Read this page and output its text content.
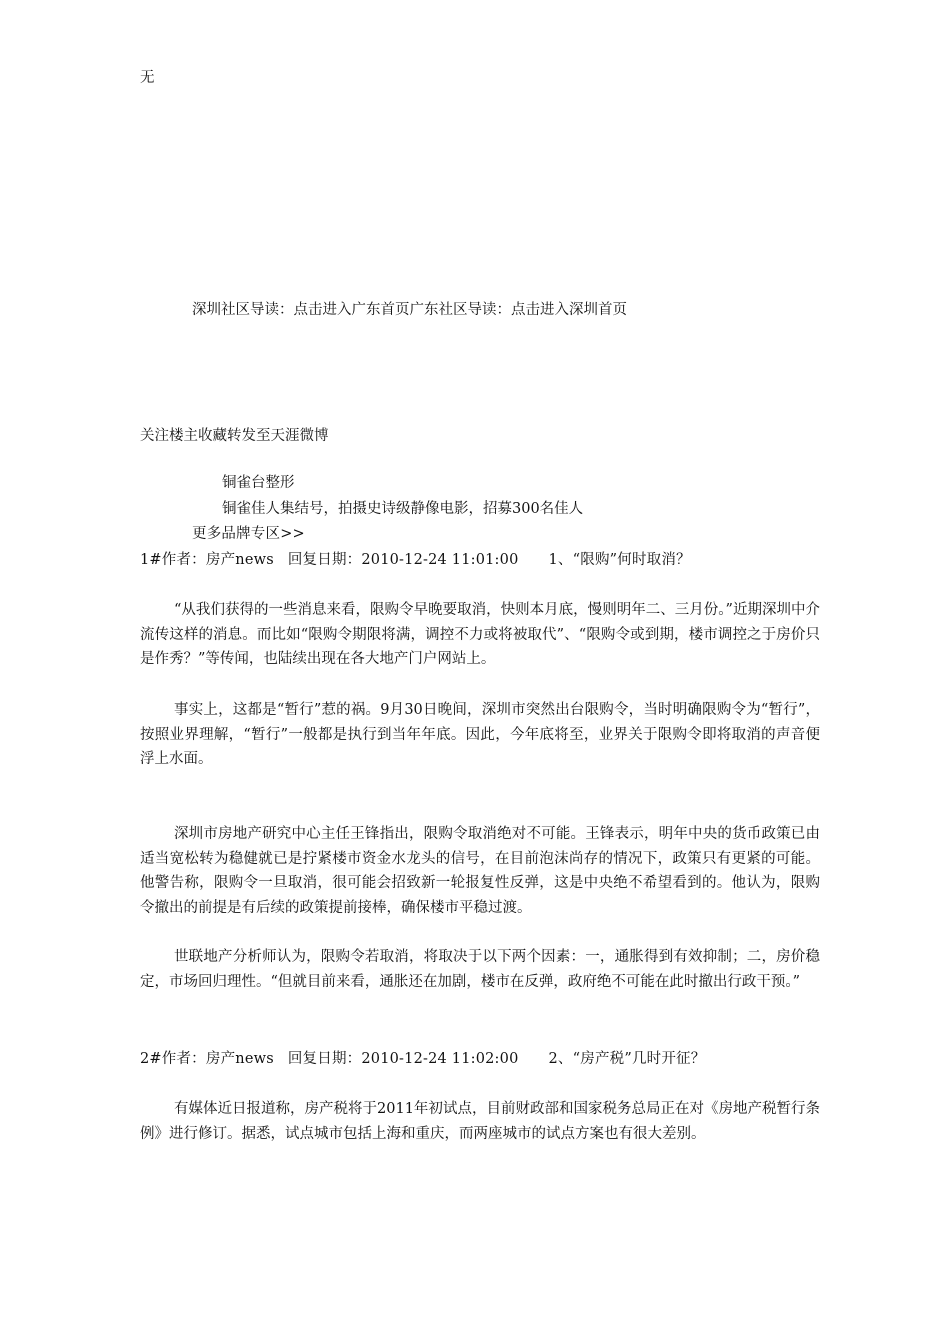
无
深圳社区导读：点击进入广东首页广东社区导读：点击进入深圳首页
关注楼主收藏转发至天涯微博
铜雀台整形
铜雀佳人集结号，拍摄史诗级静像电影，招募300名佳人
更多品牌专区>>
1#作者：房产news 回复日期：2010-12-24 11:01:00 1、“限购”何时取消？
“从我们获得的一些消息来看，限购令早晚要取消，快则本月底，慢则明年二、三月份。”近期深圳中介流传这样的消息。而比如“限购令期限将满，调控不力或将被取代”、“限购令或到期，楼市调控之于房价只是作秀？”等传闻，也陆续出现在各大地产门户网站上。
事实上，这都是“暂行”惹的祸。9月30日晚间，深圳市突然出台限购令，当时明确限购令为“暂行”，按照业界理解，“暂行”一般都是执行到当年年底。因此，今年底将至，业界关于限购令即将取消的声音便浮上水面。
深圳市房地产研究中心主任王锋指出，限购令取消绝对不可能。王锋表示，明年中央的货币政策已由适当宽松转为稳健就已是拧紧楼市资金水龙头的信号，在目前泡沫尚存的情况下，政策只有更紧的可能。他警告称，限购令一旦取消，很可能会招致新一轮报复性反弹，这是中央绝不希望看到的。他认为，限购令撤出的前提是有后续的政策提前接棒，确保楼市平稳过渡。
世联地产分析师认为，限购令若取消，将取决于以下两个因素：一，通胀得到有效抑制；二，房价稳定，市场回归理性。“但就目前来看，通胀还在加剧，楼市在反弹，政府绝不可能在此时撤出行政干预。”
2#作者：房产news 回复日期：2010-12-24 11:02:00 2、“房产税”几时开征？
有媒体近日报道称，房产税将于2011年初试点，目前财政部和国家税务总局正在对《房地产税暂行条例》进行修订。据悉，试点城市包括上海和重庆，而两座城市的试点方案也有很大差别。
